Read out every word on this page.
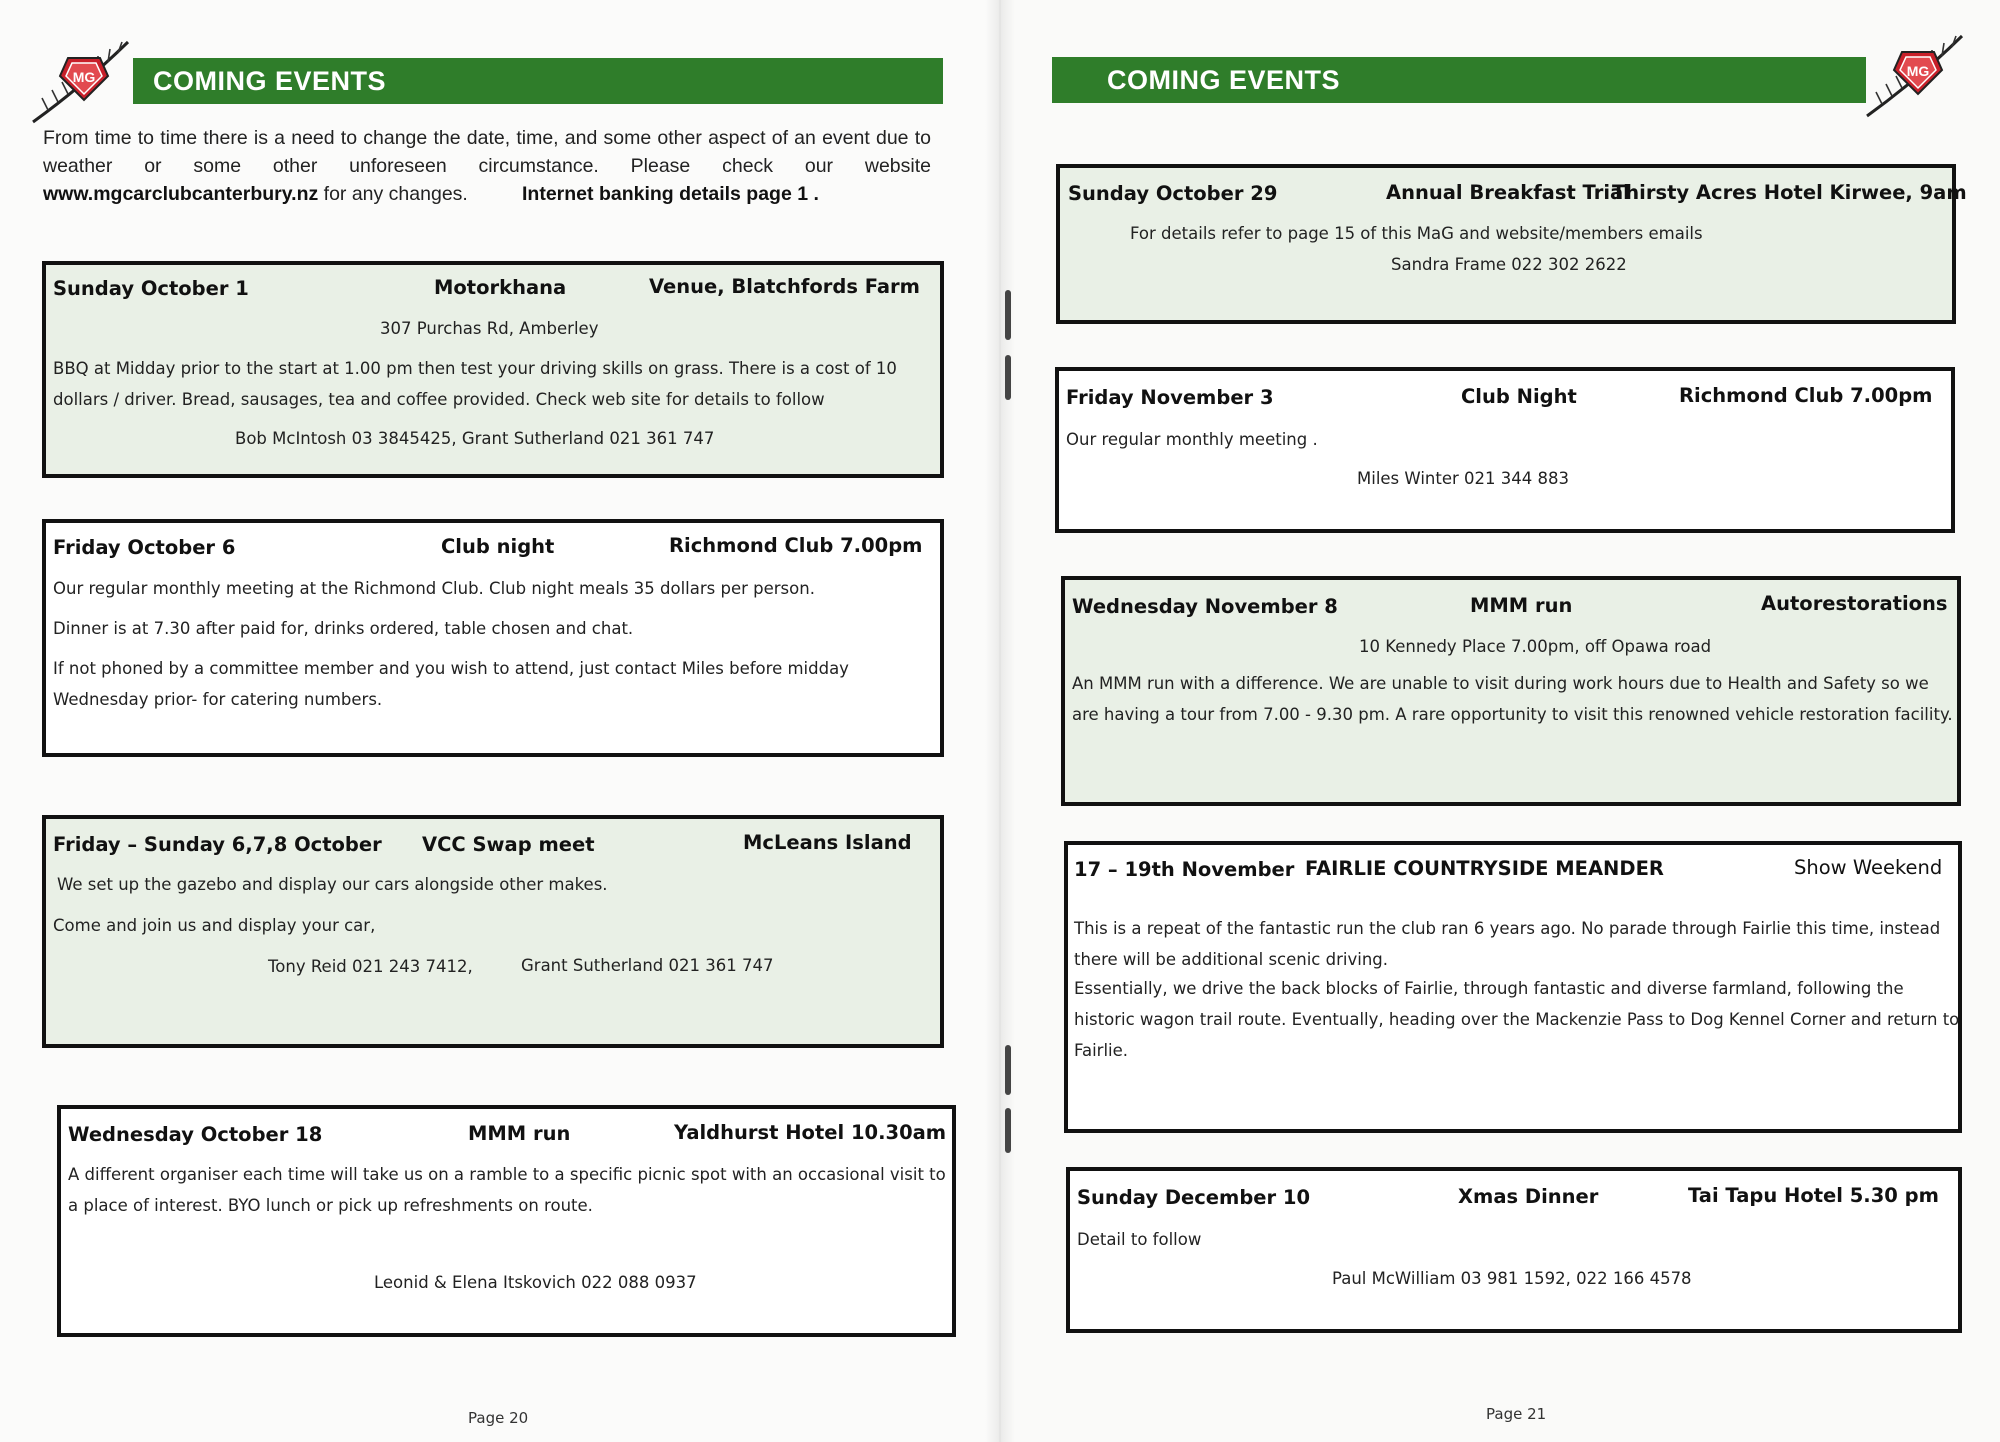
MG	COMING EVENTS
From time to time there is a need to change the date, time, and some other aspect of an event due to weather or some other unforeseen circumstance. Please check our website www.mgcarclubcanterbury.nz for any changes.	Internet banking details page 1 .
Sunday October 1	Motorkhana	Venue, Blatchfords Farm
307 Purchas Rd, Amberley
BBQ at Midday prior to the start at 1.00 pm then test your driving skills on grass. There is a cost of 10 dollars / driver. Bread, sausages, tea and coffee provided. Check web site for details to follow
Bob McIntosh 03 3845425, Grant Sutherland 021 361 747
Friday October 6	Club night	Richmond Club 7.00pm
Our regular monthly meeting at the Richmond Club. Club night meals 35 dollars per person.
Dinner is at 7.30 after paid for, drinks ordered, table chosen and chat.
If not phoned by a committee member and you wish to attend, just contact Miles before midday Wednesday prior- for catering numbers.
Friday – Sunday 6,7,8 October VCC Swap meet	McLeans Island
We set up the gazebo and display our cars alongside other makes.
Come and join us and display your car,
Tony Reid 021 243 7412,	Grant Sutherland 021 361 747
Wednesday October 18	MMM run	Yaldhurst Hotel 10.30am
A different organiser each time will take us on a ramble to a specific picnic spot with an occasional visit to a place of interest. BYO lunch or pick up refreshments on route.
Leonid & Elena Itskovich 022 088 0937
Page 20
COMING EVENTS	MG
Sunday October 29	Annual Breakfast Trial
Thirsty Acres Hotel Kirwee, 9am
For details refer to page 15 of this MaG and website/members emails
Sandra Frame 022 302 2622
Friday November 3	Club Night	Richmond Club 7.00pm
Our regular monthly meeting .
Miles Winter 021 344 883
Wednesday November 8	MMM run	Autorestorations
10 Kennedy Place 7.00pm, off Opawa road
An MMM run with a difference. We are unable to visit during work hours due to Health and Safety so we are having a tour from 7.00 - 9.30 pm. A rare opportunity to visit this renowned vehicle restoration facility.
17 – 19th November FAIRLIE COUNTRYSIDE MEANDER	Show Weekend
This is a repeat of the fantastic run the club ran 6 years ago. No parade through Fairlie this time, instead there will be additional scenic driving.
Essentially, we drive the back blocks of Fairlie, through fantastic and diverse farmland, following the historic wagon trail route. Eventually, heading over the Mackenzie Pass to Dog Kennel Corner and return to Fairlie.
Sunday December 10	Xmas Dinner	Tai Tapu Hotel 5.30 pm
Detail to follow
Paul McWilliam 03 981 1592, 022 166 4578
Page 21
